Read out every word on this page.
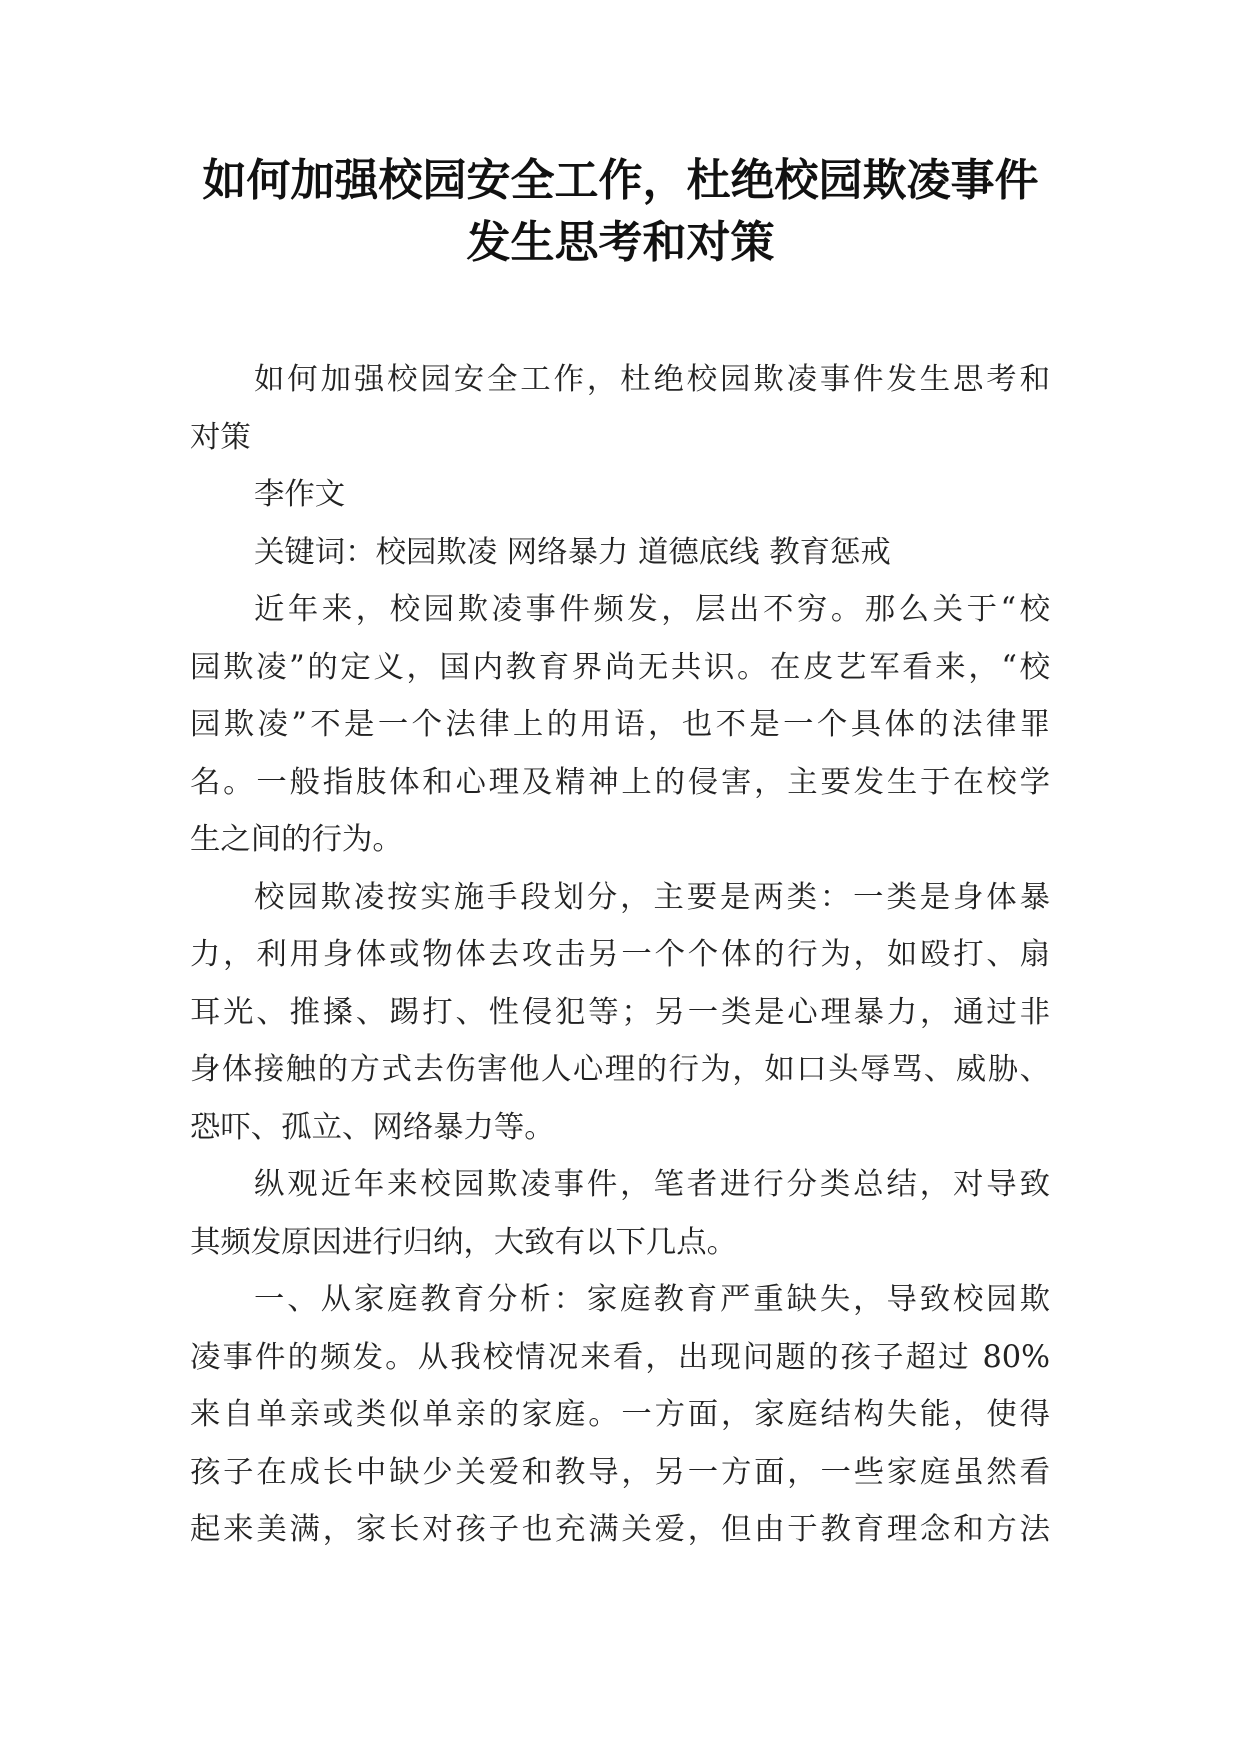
如何加强校园安全工作，杜绝校园欺凌事件
发生思考和对策
如何加强校园安全工作，杜绝校园欺凌事件发生思考和
对策
李作文
关键词：校园欺凌 网络暴力 道德底线 教育惩戒
近年来，校园欺凌事件频发，层出不穷。那么关于“校
园欺凌”的定义，国内教育界尚无共识。在皮艺军看来，“校
园欺凌”不是一个法律上的用语，也不是一个具体的法律罪
名。一般指肢体和心理及精神上的侵害，主要发生于在校学
生之间的行为。
校园欺凌按实施手段划分，主要是两类：一类是身体暴
力，利用身体或物体去攻击另一个个体的行为，如殴打、扇
耳光、推搡、踢打、性侵犯等；另一类是心理暴力，通过非
身体接触的方式去伤害他人心理的行为，如口头辱骂、威胁、
恐吓、孤立、网络暴力等。
纵观近年来校园欺凌事件，笔者进行分类总结，对导致
其频发原因进行归纳，大致有以下几点。
一、从家庭教育分析：家庭教育严重缺失，导致校园欺
凌事件的频发。从我校情况来看，出现问题的孩子超过 80%
来自单亲或类似单亲的家庭。一方面，家庭结构失能，使得
孩子在成长中缺少关爱和教导，另一方面，一些家庭虽然看
起来美满，家长对孩子也充满关爱，但由于教育理念和方法
